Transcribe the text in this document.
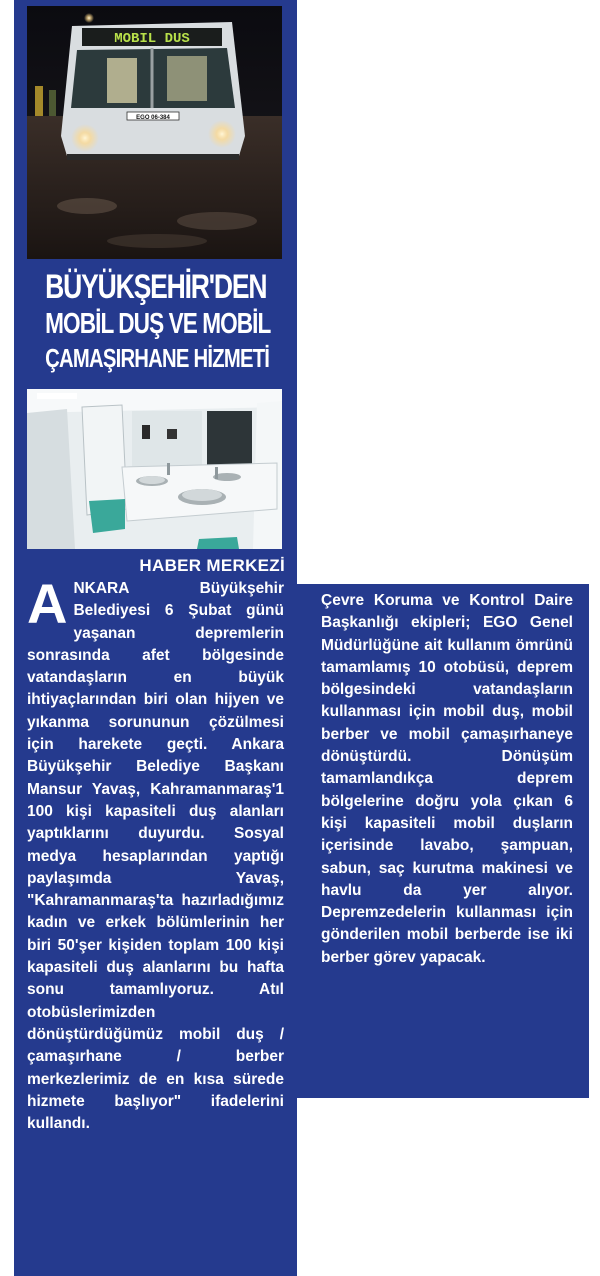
MOBIL DUS
EGO 06-384
BÜYÜKŞEHİR'DEN
MOBİL DUŞ VE MOBİL
ÇAMAŞIRHANE HİZMETİ
HABER MERKEZİ

ANKARA Büyükşehir Belediyesi 6 Şubat günü yaşanan depremlerin sonrasında afet bölgesinde vatandaşların en büyük ihtiyaçlarından biri olan hijyen ve yıkanma sorununun çözülmesi için harekete geçti. Ankara Büyükşehir Belediye Başkanı Mansur Yavaş, Kahramanmaraş'1 100 kişi kapasiteli duş alanları yaptıklarını duyurdu. Sosyal medya hesaplarından yaptığı paylaşımda Yavaş, "Kahramanmaraş'ta hazırladığımız kadın ve erkek bölümlerinin her biri 50'şer kişiden toplam 100 kişi kapasiteli duş alanlarını bu hafta sonu tamamlıyoruz. Atıl otobüslerimizden dönüştürdüğümüz mobil duş / çamaşırhane / berber merkezlerimiz de en kısa sürede hizmete başlıyor" ifadelerini kullandı.

Çevre Koruma ve Kontrol Daire Başkanlığı ekipleri; EGO Genel Müdürlüğüne ait kullanım ömrünü tamamlamış 10 otobüsü, deprem bölgesindeki vatandaşların kullanması için mobil duş, mobil berber ve mobil çamaşırhaneye dönüştürdü. Dönüşüm tamamlandıkça deprem bölgelerine doğru yola çıkan 6 kişi kapasiteli mobil duşların içerisinde lavabo, şampuan, sabun, saç kurutma makinesi ve havlu da yer alıyor. Depremzedelerin kullanması için gönderilen mobil berberde ise iki berber görev yapacak.
